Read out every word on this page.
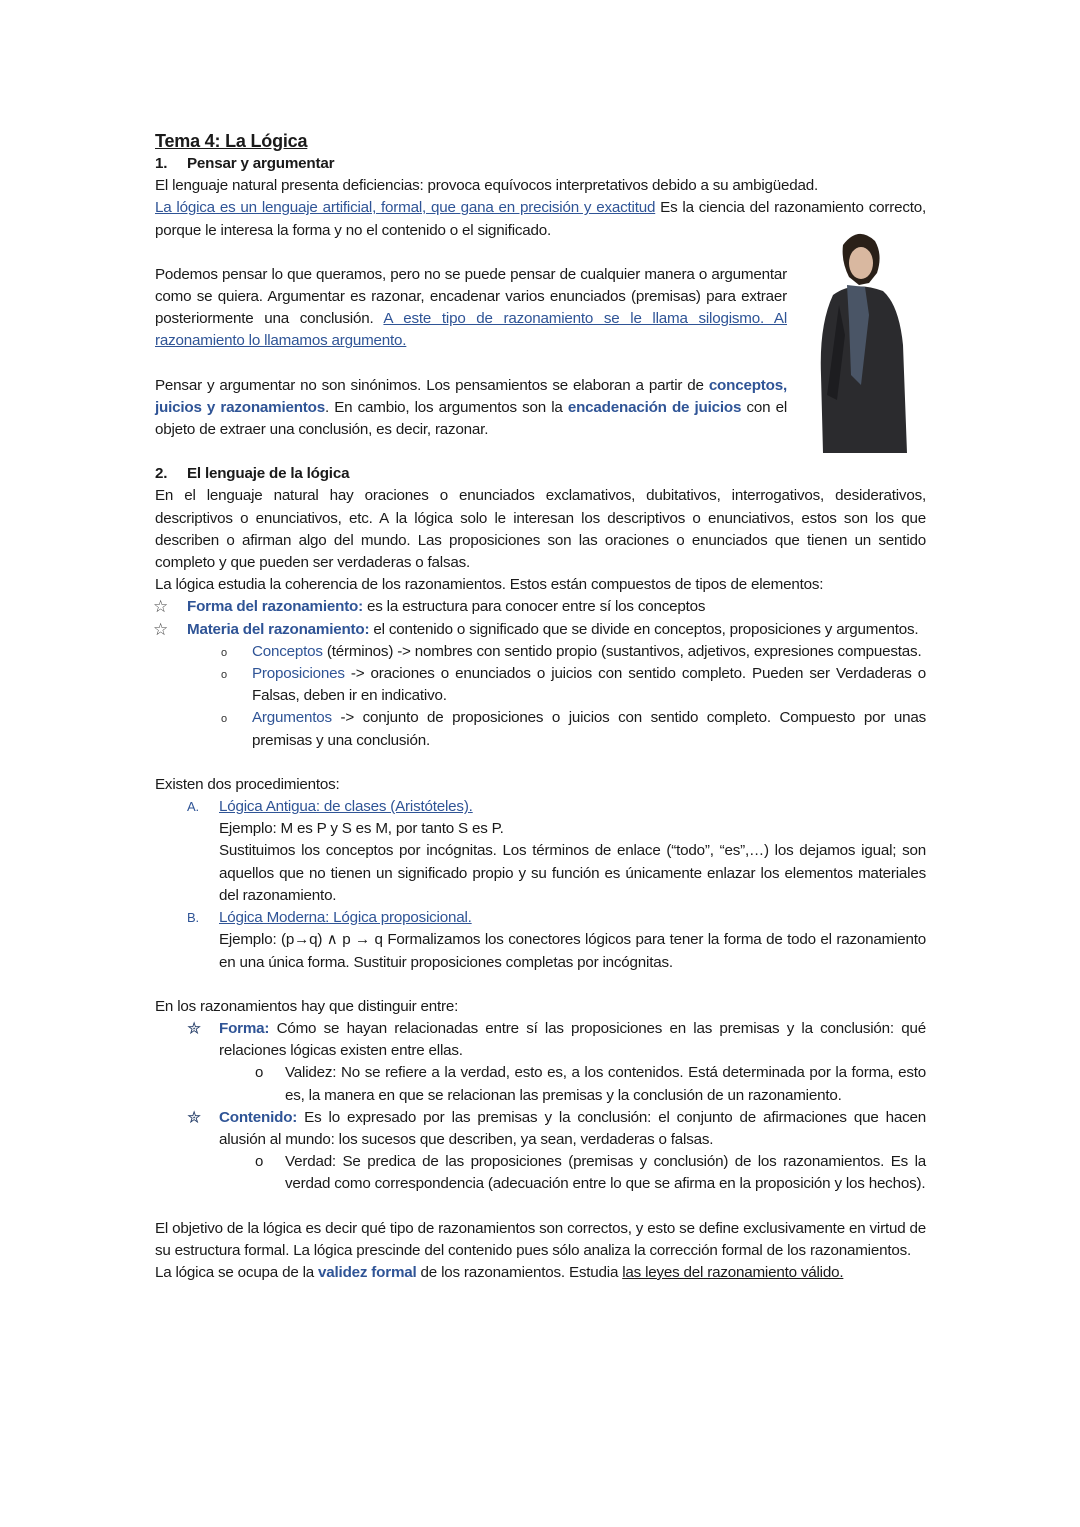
Tema 4: La Lógica

1. Pensar y argumentar

El lenguaje natural presenta deficiencias: provoca equívocos interpretativos debido a su ambigüedad.

La lógica es un lenguaje artificial, formal, que gana en precisión y exactitud Es la ciencia del razonamiento correcto, porque le interesa la forma y no el contenido o el significado.

Podemos pensar lo que queramos, pero no se puede pensar de cualquier manera o argumentar como se quiera. Argumentar es razonar, encadenar varios enunciados (premisas) para extraer posteriormente una conclusión. A este tipo de razonamiento se le llama silogismo. Al razonamiento lo llamamos argumento.

Pensar y argumentar no son sinónimos. Los pensamientos se elaboran a partir de conceptos, juicios y razonamientos. En cambio, los argumentos son la encadenación de juicios con el objeto de extraer una conclusión, es decir, razonar.

2. El lenguaje de la lógica

En el lenguaje natural hay oraciones o enunciados exclamativos, dubitativos, interrogativos, desiderativos, descriptivos o enunciativos, etc. A la lógica solo le interesan los descriptivos o enunciativos, estos son los que describen o afirman algo del mundo. Las proposiciones son las oraciones o enunciados que tienen un sentido completo y que pueden ser verdaderas o falsas.

La lógica estudia la coherencia de los razonamientos. Estos están compuestos de tipos de elementos:

☆ Forma del razonamiento: es la estructura para conocer entre sí los conceptos

☆ Materia del razonamiento: el contenido o significado que se divide en conceptos, proposiciones y argumentos.

o Conceptos (términos) -> nombres con sentido propio (sustantivos, adjetivos, expresiones compuestas.

o Proposiciones -> oraciones o enunciados o juicios con sentido completo. Pueden ser Verdaderas o Falsas, deben ir en indicativo.

o Argumentos -> conjunto de proposiciones o juicios con sentido completo. Compuesto por unas premisas y una conclusión.

Existen dos procedimientos:

A. Lógica Antigua: de clases (Aristóteles).

Ejemplo: M es P y S es M, por tanto S es P.

Sustituimos los conceptos por incógnitas. Los términos de enlace (“todo”, “es”,…) los dejamos igual; son aquellos que no tienen un significado propio y su función es únicamente enlazar los elementos materiales del razonamiento.

B. Lógica Moderna: Lógica proposicional.

Ejemplo: (p→q) ∧ p → q Formalizamos los conectores lógicos para tener la forma de todo el razonamiento en una única forma. Sustituir proposiciones completas por incógnitas.

En los razonamientos hay que distinguir entre:

✮ Forma: Cómo se hayan relacionadas entre sí las proposiciones en las premisas y la conclusión: qué relaciones lógicas existen entre ellas.

o Validez: No se refiere a la verdad, esto es, a los contenidos. Está determinada por la forma, esto es, la manera en que se relacionan las premisas y la conclusión de un razonamiento.

✮ Contenido: Es lo expresado por las premisas y la conclusión: el conjunto de afirmaciones que hacen alusión al mundo: los sucesos que describen, ya sean, verdaderas o falsas.

o Verdad: Se predica de las proposiciones (premisas y conclusión) de los razonamientos. Es la verdad como correspondencia (adecuación entre lo que se afirma en la proposición y los hechos).

El objetivo de la lógica es decir qué tipo de razonamientos son correctos, y esto se define exclusivamente en virtud de su estructura formal. La lógica prescinde del contenido pues sólo analiza la corrección formal de los razonamientos.

La lógica se ocupa de la validez formal de los razonamientos. Estudia las leyes del razonamiento válido.
